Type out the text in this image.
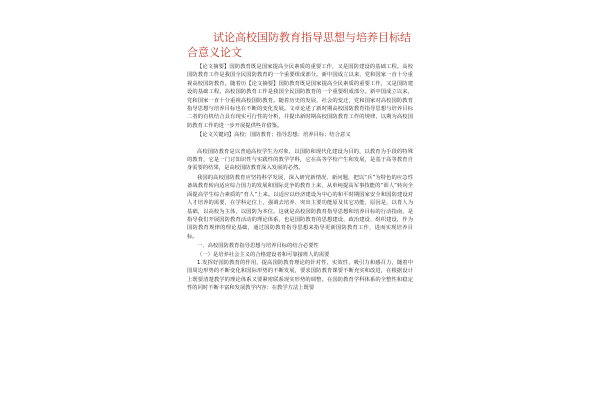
试论高校国防教育指导思想与培养目标结合意义论文

【论文摘要】国防教育既是国家提高全民素质的重要工作，又是国防建设的基础工程。高校国防教育工作是我国全民国防教育的一个重要组成部分。新中国成立以来，党和国家一直十分重视高校国防教育。随着历【论文摘要】国防教育既是国家提高全民素质的重要工作，又是国防建设的基础工程。高校国防教育工作是我国全民国防教育的一个重要组成部分。新中国成立以来，党和国家一直十分重视高校国防教育。随着历史的发展，社会的变迁，党和国家对高校国防教育指导思想与培养目标也在不断的变化发展。文章论述了新时期高校国防教育指导思想与培养目标二者的有机结合具有现实可行性的分析，并提出新时期高校国防教育工作的规律，以期为高校国防教育工作的进一步开展提供些许借鉴。

【论文关键词】高校；国防教育；指导思想；培养目标；结合意义

高校国防教育是以普通高校学生为对象，以国防和现代化建设为目的，以教育为手段的特殊的教育，它是一门讨知识性与实践性的教学学科，它在高等学校产生和发展，是基于高等教育自身需要的结果，是高校国防教育深入发展的必然。

我国的高校国防教育应坚持科学发展，深入研究新情况、新问题，把以“兵”为特色的应急性备战教育转向适应综合国力的发展和国际竞争的教育上来，从单纯提高军事技能的“训人”转向全面提高学生综合素质的“育人”上来。以适应以经济建设为中心的和平时期国家安全和国防建设对人才培养的需要，在学科定位上，强调去培养、突出主要功能原及其它功能，原因是，以育人为基础，以高校为主体，以国防为本位。这就是高校国防教育指导思想和培养目标的行动指南，是指导我们开展国防教育活动的理论体系，也是国防教育的思想建设、政治建设、组织建设，作为国防教育规律的理论基础，通过国防教育指导思想来指导更新国防教育工作，进而实现培养目标。

一、高校国防教育指导思想与培养目标的结合必要性

（一）是培养社会主义的合格建设者和可靠接班人的需要

1.发挥好国防教育的作用，提高国防教育理论的针对性、实效性、吸引力和感召力，随着中国周边形势的不断变化和国际形势的不断发展，要求国防教育课要不断充实和改进，在根据设计上既要清楚教学的理论体系又要紧密联系现实形势的调整。在国防教育学科体系的全整性和稳定性的同时不断丰富和发展教学内容：在教学方法上既要
